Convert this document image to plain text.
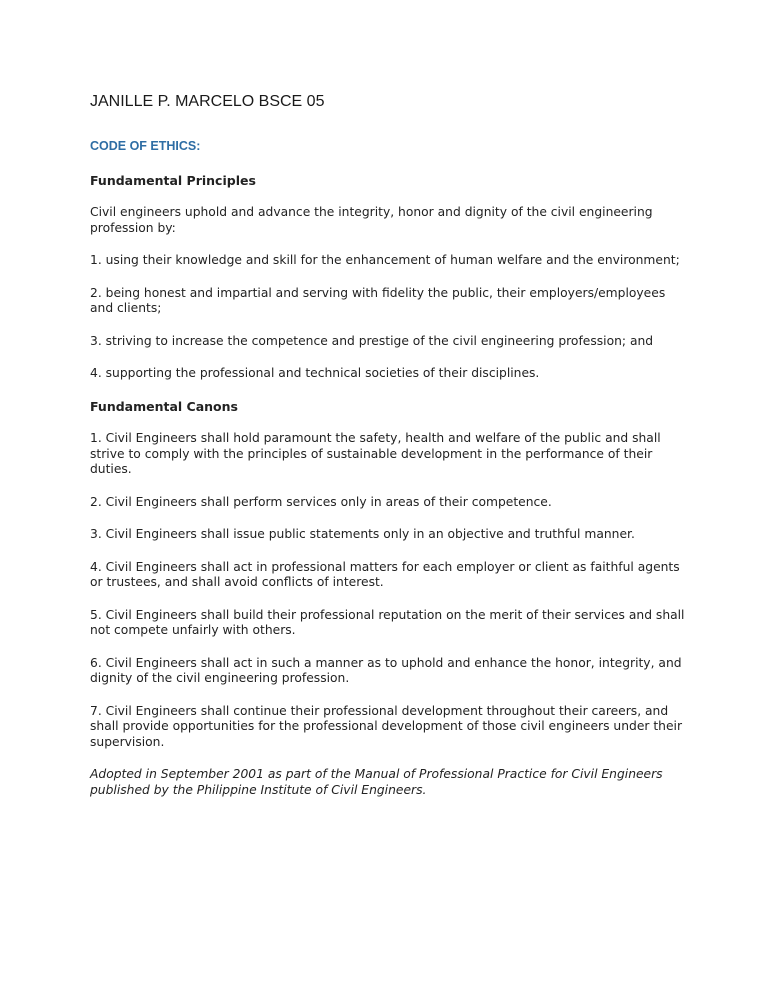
JANILLE P. MARCELO BSCE 05
CODE OF ETHICS:
Fundamental Principles
Civil engineers uphold and advance the integrity, honor and dignity of the civil engineering profession by:
1. using their knowledge and skill for the enhancement of human welfare and the environment;
2. being honest and impartial and serving with fidelity the public, their employers/employees and clients;
3. striving to increase the competence and prestige of the civil engineering profession; and
4. supporting the professional and technical societies of their disciplines.
Fundamental Canons
1. Civil Engineers shall hold paramount the safety, health and welfare of the public and shall strive to comply with the principles of sustainable development in the performance of their duties.
2. Civil Engineers shall perform services only in areas of their competence.
3. Civil Engineers shall issue public statements only in an objective and truthful manner.
4. Civil Engineers shall act in professional matters for each employer or client as faithful agents or trustees, and shall avoid conflicts of interest.
5. Civil Engineers shall build their professional reputation on the merit of their services and shall not compete unfairly with others.
6. Civil Engineers shall act in such a manner as to uphold and enhance the honor, integrity, and dignity of the civil engineering profession.
7. Civil Engineers shall continue their professional development throughout their careers, and shall provide opportunities for the professional development of those civil engineers under their supervision.
Adopted in September 2001 as part of the Manual of Professional Practice for Civil Engineers published by the Philippine Institute of Civil Engineers.
